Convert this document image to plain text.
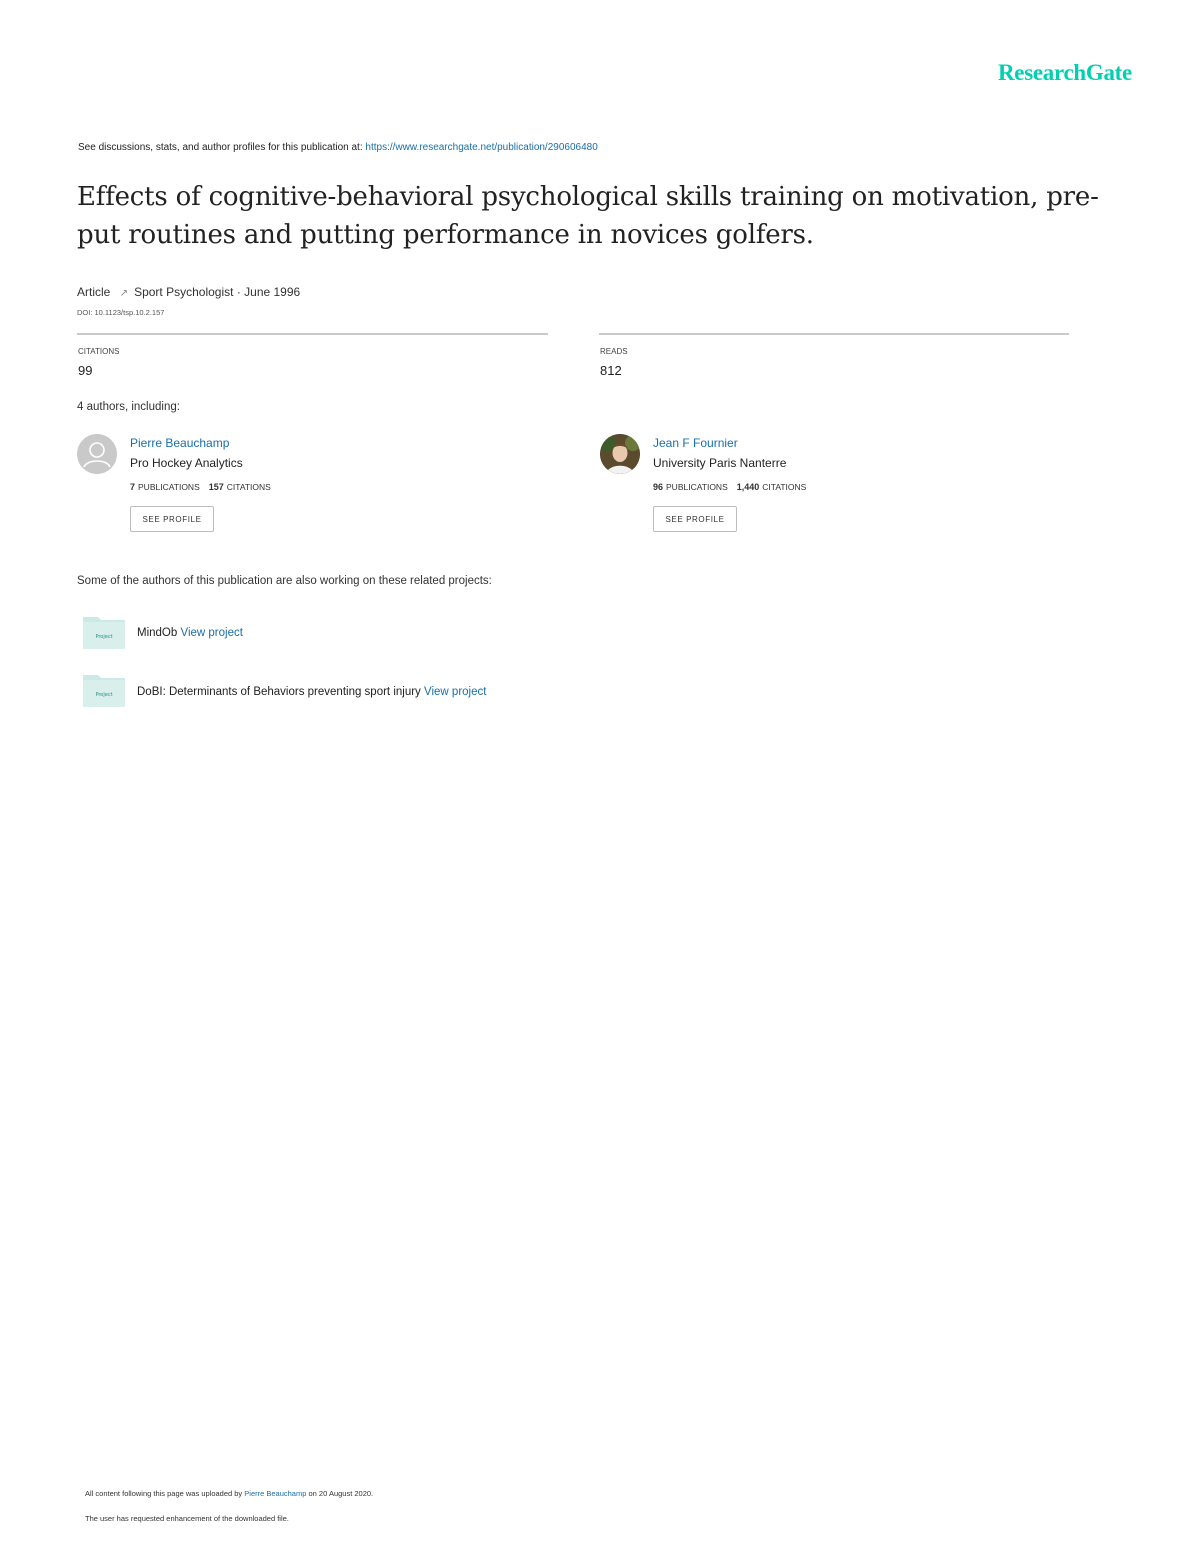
ResearchGate
See discussions, stats, and author profiles for this publication at: https://www.researchgate.net/publication/290606480
Effects of cognitive-behavioral psychological skills training on motivation, pre-put routines and putting performance in novices golfers.
Article ↗ Sport Psychologist · June 1996
DOI: 10.1123/tsp.10.2.157
CITATIONS
99
READS
812
4 authors, including:
Pierre Beauchamp
Pro Hockey Analytics
7 PUBLICATIONS 157 CITATIONS
SEE PROFILE
Jean F Fournier
University Paris Nanterre
96 PUBLICATIONS 1,440 CITATIONS
SEE PROFILE
Some of the authors of this publication are also working on these related projects:
Project MindOb View project
Project DoBI: Determinants of Behaviors preventing sport injury View project
All content following this page was uploaded by Pierre Beauchamp on 20 August 2020.
The user has requested enhancement of the downloaded file.
